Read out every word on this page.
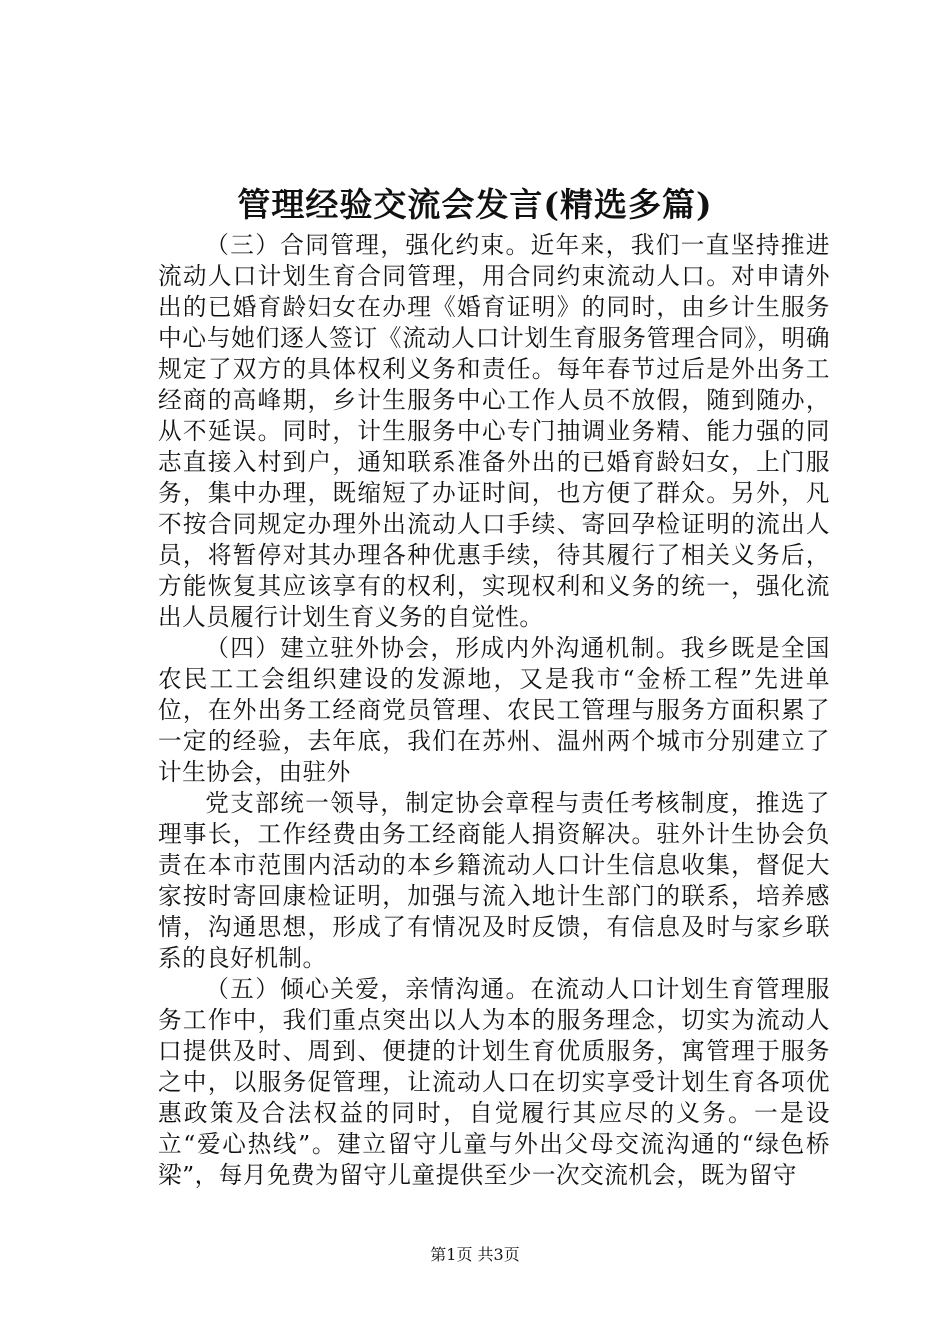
管理经验交流会发言(精选多篇)

（三）合同管理，强化约束。近年来，我们一直坚持推进流动人口计划生育合同管理，用合同约束流动人口。对申请外出的已婚育龄妇女在办理《婚育证明》的同时，由乡计生服务中心与她们逐人签订《流动人口计划生育服务管理合同》，明确规定了双方的具体权利义务和责任。每年春节过后是外出务工经商的高峰期，乡计生服务中心工作人员不放假，随到随办，从不延误。同时，计生服务中心专门抽调业务精、能力强的同志直接入村到户，通知联系准备外出的已婚育龄妇女，上门服务，集中办理，既缩短了办证时间，也方便了群众。另外，凡不按合同规定办理外出流动人口手续、寄回孕检证明的流出人员，将暂停对其办理各种优惠手续，待其履行了相关义务后，方能恢复其应该享有的权利，实现权利和义务的统一，强化流出人员履行计划生育义务的自觉性。

（四）建立驻外协会，形成内外沟通机制。我乡既是全国农民工工会组织建设的发源地，又是我市“金桥工程”先进单位，在外出务工经商党员管理、农民工管理与服务方面积累了一定的经验，去年底，我们在苏州、温州两个城市分别建立了计生协会，由驻外

党支部统一领导，制定协会章程与责任考核制度，推选了理事长，工作经费由务工经商能人捐资解决。驻外计生协会负责在本市范围内活动的本乡籍流动人口计生信息收集，督促大家按时寄回康检证明，加强与流入地计生部门的联系，培养感情，沟通思想，形成了有情况及时反馈，有信息及时与家乡联系的良好机制。

（五）倾心关爱，亲情沟通。在流动人口计划生育管理服务工作中，我们重点突出以人为本的服务理念，切实为流动人口提供及时、周到、便捷的计划生育优质服务，寓管理于服务之中，以服务促管理，让流动人口在切实享受计划生育各项优惠政策及合法权益的同时，自觉履行其应尽的义务。一是设立“爱心热线”。建立留守儿童与外出父母交流沟通的“绿色桥梁”，每月免费为留守儿童提供至少一次交流机会，既为留守

第1页 共3页
